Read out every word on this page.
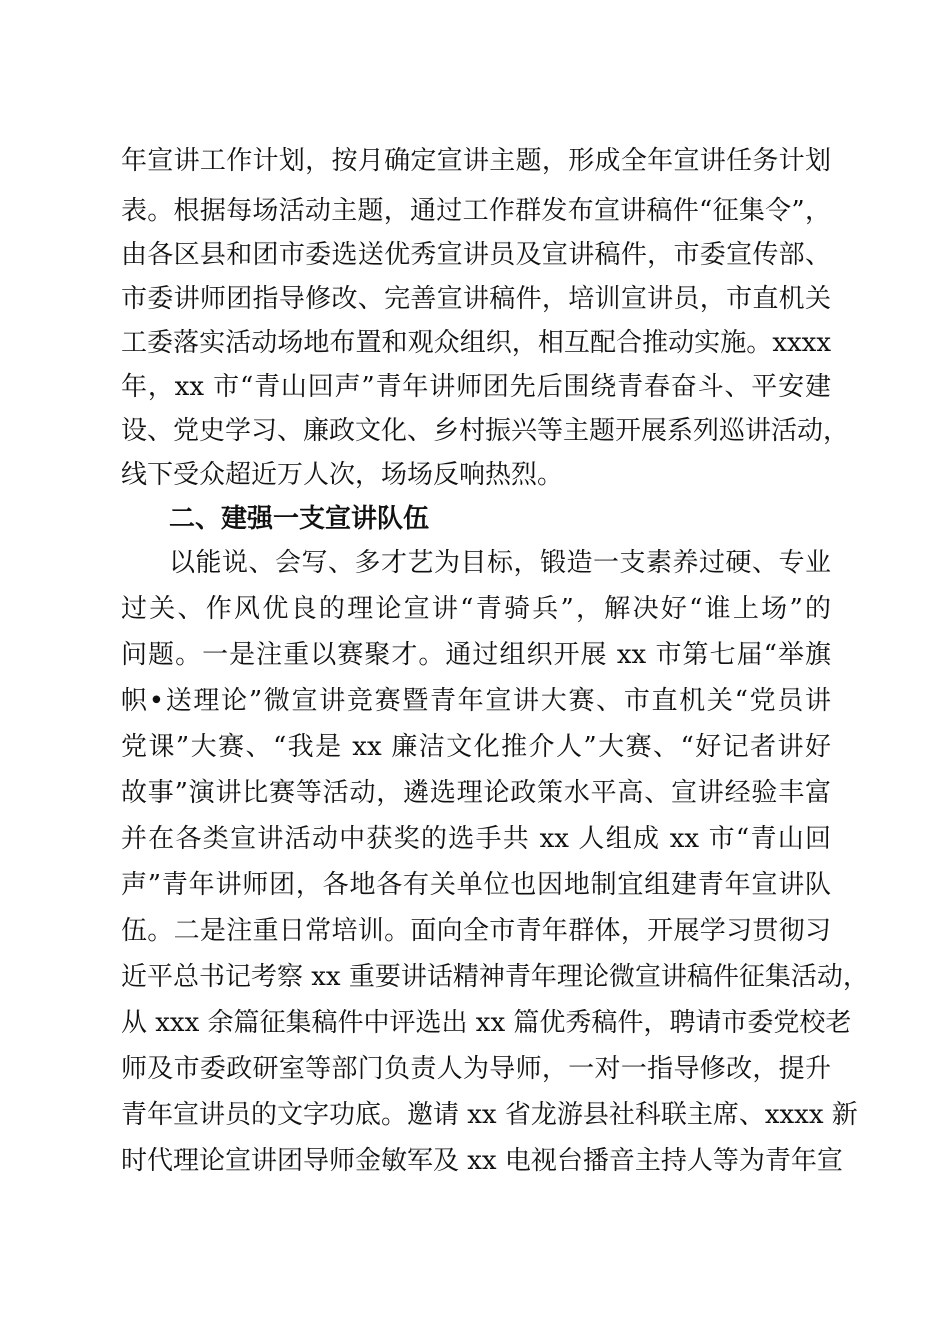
年宣讲工作计划，按月确定宣讲主题，形成全年宣讲任务计划
表。根据每场活动主题，通过工作群发布宣讲稿件“征集令”，
由各区县和团市委选送优秀宣讲员及宣讲稿件，市委宣传部、
市委讲师团指导修改、完善宣讲稿件，培训宣讲员，市直机关
工委落实活动场地布置和观众组织，相互配合推动实施。xxxx
年，xx 市“青山回声”青年讲师团先后围绕青春奋斗、平安建
设、党史学习、廉政文化、乡村振兴等主题开展系列巡讲活动，
线下受众超近万人次，场场反响热烈。
二、建强一支宣讲队伍
以能说、会写、多才艺为目标，锻造一支素养过硬、专业
过关、作风优良的理论宣讲“青骑兵”，解决好“谁上场”的
问题。一是注重以赛聚才。通过组织开展 xx 市第七届“举旗
帜•送理论”微宣讲竞赛暨青年宣讲大赛、市直机关“党员讲
党课”大赛、“我是 xx 廉洁文化推介人”大赛、“好记者讲好
故事”演讲比赛等活动，遴选理论政策水平高、宣讲经验丰富
并在各类宣讲活动中获奖的选手共 xx 人组成 xx 市“青山回
声”青年讲师团，各地各有关单位也因地制宜组建青年宣讲队
伍。二是注重日常培训。面向全市青年群体，开展学习贯彻习
近平总书记考察 xx 重要讲话精神青年理论微宣讲稿件征集活动，
从 xxx 余篇征集稿件中评选出 xx 篇优秀稿件，聘请市委党校老
师及市委政研室等部门负责人为导师，一对一指导修改，提升
青年宣讲员的文字功底。邀请 xx 省龙游县社科联主席、xxxx 新
时代理论宣讲团导师金敏军及 xx 电视台播音主持人等为青年宣
